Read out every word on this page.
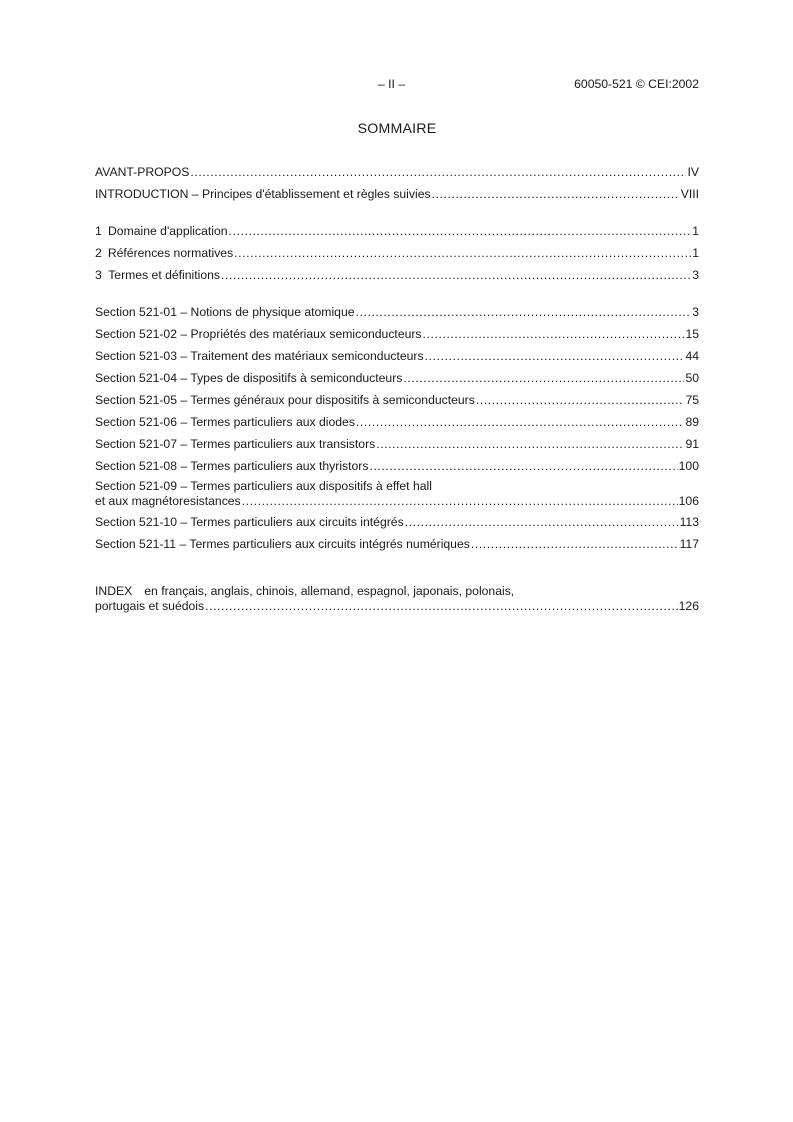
– II –	60050-521 © CEI:2002
SOMMAIRE
AVANT-PROPOS .....	IV
INTRODUCTION – Principes d'établissement et règles suivies .....	VIII
1 Domaine d'application .....	1
2 Références normatives .....	1
3 Termes et définitions .....	3
Section 521-01 – Notions de physique atomique .....	3
Section 521-02 – Propriétés des matériaux semiconducteurs .....	15
Section 521-03 – Traitement des matériaux semiconducteurs .....	44
Section 521-04 – Types de dispositifs à semiconducteurs .....	50
Section 521-05 – Termes généraux pour dispositifs à semiconducteurs .....	75
Section 521-06 – Termes particuliers aux diodes .....	89
Section 521-07 – Termes particuliers aux transistors .....	91
Section 521-08 – Termes particuliers aux thyristors .....	100
Section 521-09 – Termes particuliers aux dispositifs à effet hall
et aux magnétoresistances .....	106
Section 521-10 – Termes particuliers aux circuits intégrés .....	113
Section 521-11 – Termes particuliers aux circuits intégrés numériques .....	117
INDEX en français, anglais, chinois, allemand, espagnol, japonais, polonais,
portugais et suédois .....	126
